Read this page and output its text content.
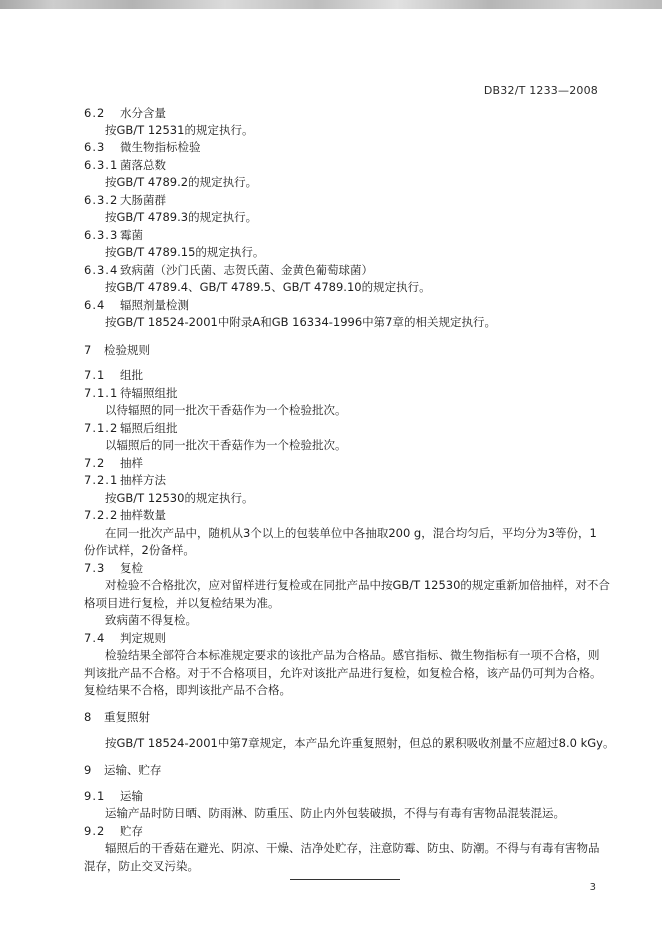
DB32/T 1233—2008
6.2 水分含量
按GB/T 12531的规定执行。
6.3 微生物指标检验
6.3.1 菌落总数
按GB/T 4789.2的规定执行。
6.3.2 大肠菌群
按GB/T 4789.3的规定执行。
6.3.3 霉菌
按GB/T 4789.15的规定执行。
6.3.4 致病菌（沙门氏菌、志贺氏菌、金黄色葡萄球菌）
按GB/T 4789.4、GB/T 4789.5、GB/T 4789.10的规定执行。
6.4 辐照剂量检测
按GB/T 18524-2001中附录A和GB 16334-1996中第7章的相关规定执行。
7 检验规则
7.1 组批
7.1.1 待辐照组批
以待辐照的同一批次干香菇作为一个检验批次。
7.1.2 辐照后组批
以辐照后的同一批次干香菇作为一个检验批次。
7.2 抽样
7.2.1 抽样方法
按GB/T 12530的规定执行。
7.2.2 抽样数量
在同一批次产品中，随机从3个以上的包装单位中各抽取200 g，混合均匀后，平均分为3等份，1
份作试样，2份备样。
7.3 复检
对检验不合格批次，应对留样进行复检或在同批产品中按GB/T 12530的规定重新加倍抽样，对不合
格项目进行复检，并以复检结果为准。
致病菌不得复检。
7.4 判定规则
检验结果全部符合本标准规定要求的该批产品为合格品。感官指标、微生物指标有一项不合格，则
判该批产品不合格。对于不合格项目，允许对该批产品进行复检，如复检合格，该产品仍可判为合格。
复检结果不合格，即判该批产品不合格。
8 重复照射
按GB/T 18524-2001中第7章规定，本产品允许重复照射，但总的累积吸收剂量不应超过8.0 kGy。
9 运输、贮存
9.1 运输
运输产品时防日晒、防雨淋、防重压、防止内外包装破损，不得与有毒有害物品混装混运。
9.2 贮存
辐照后的干香菇在避光、阴凉、干燥、洁净处贮存，注意防霉、防虫、防潮。不得与有毒有害物品
混存，防止交叉污染。
3
